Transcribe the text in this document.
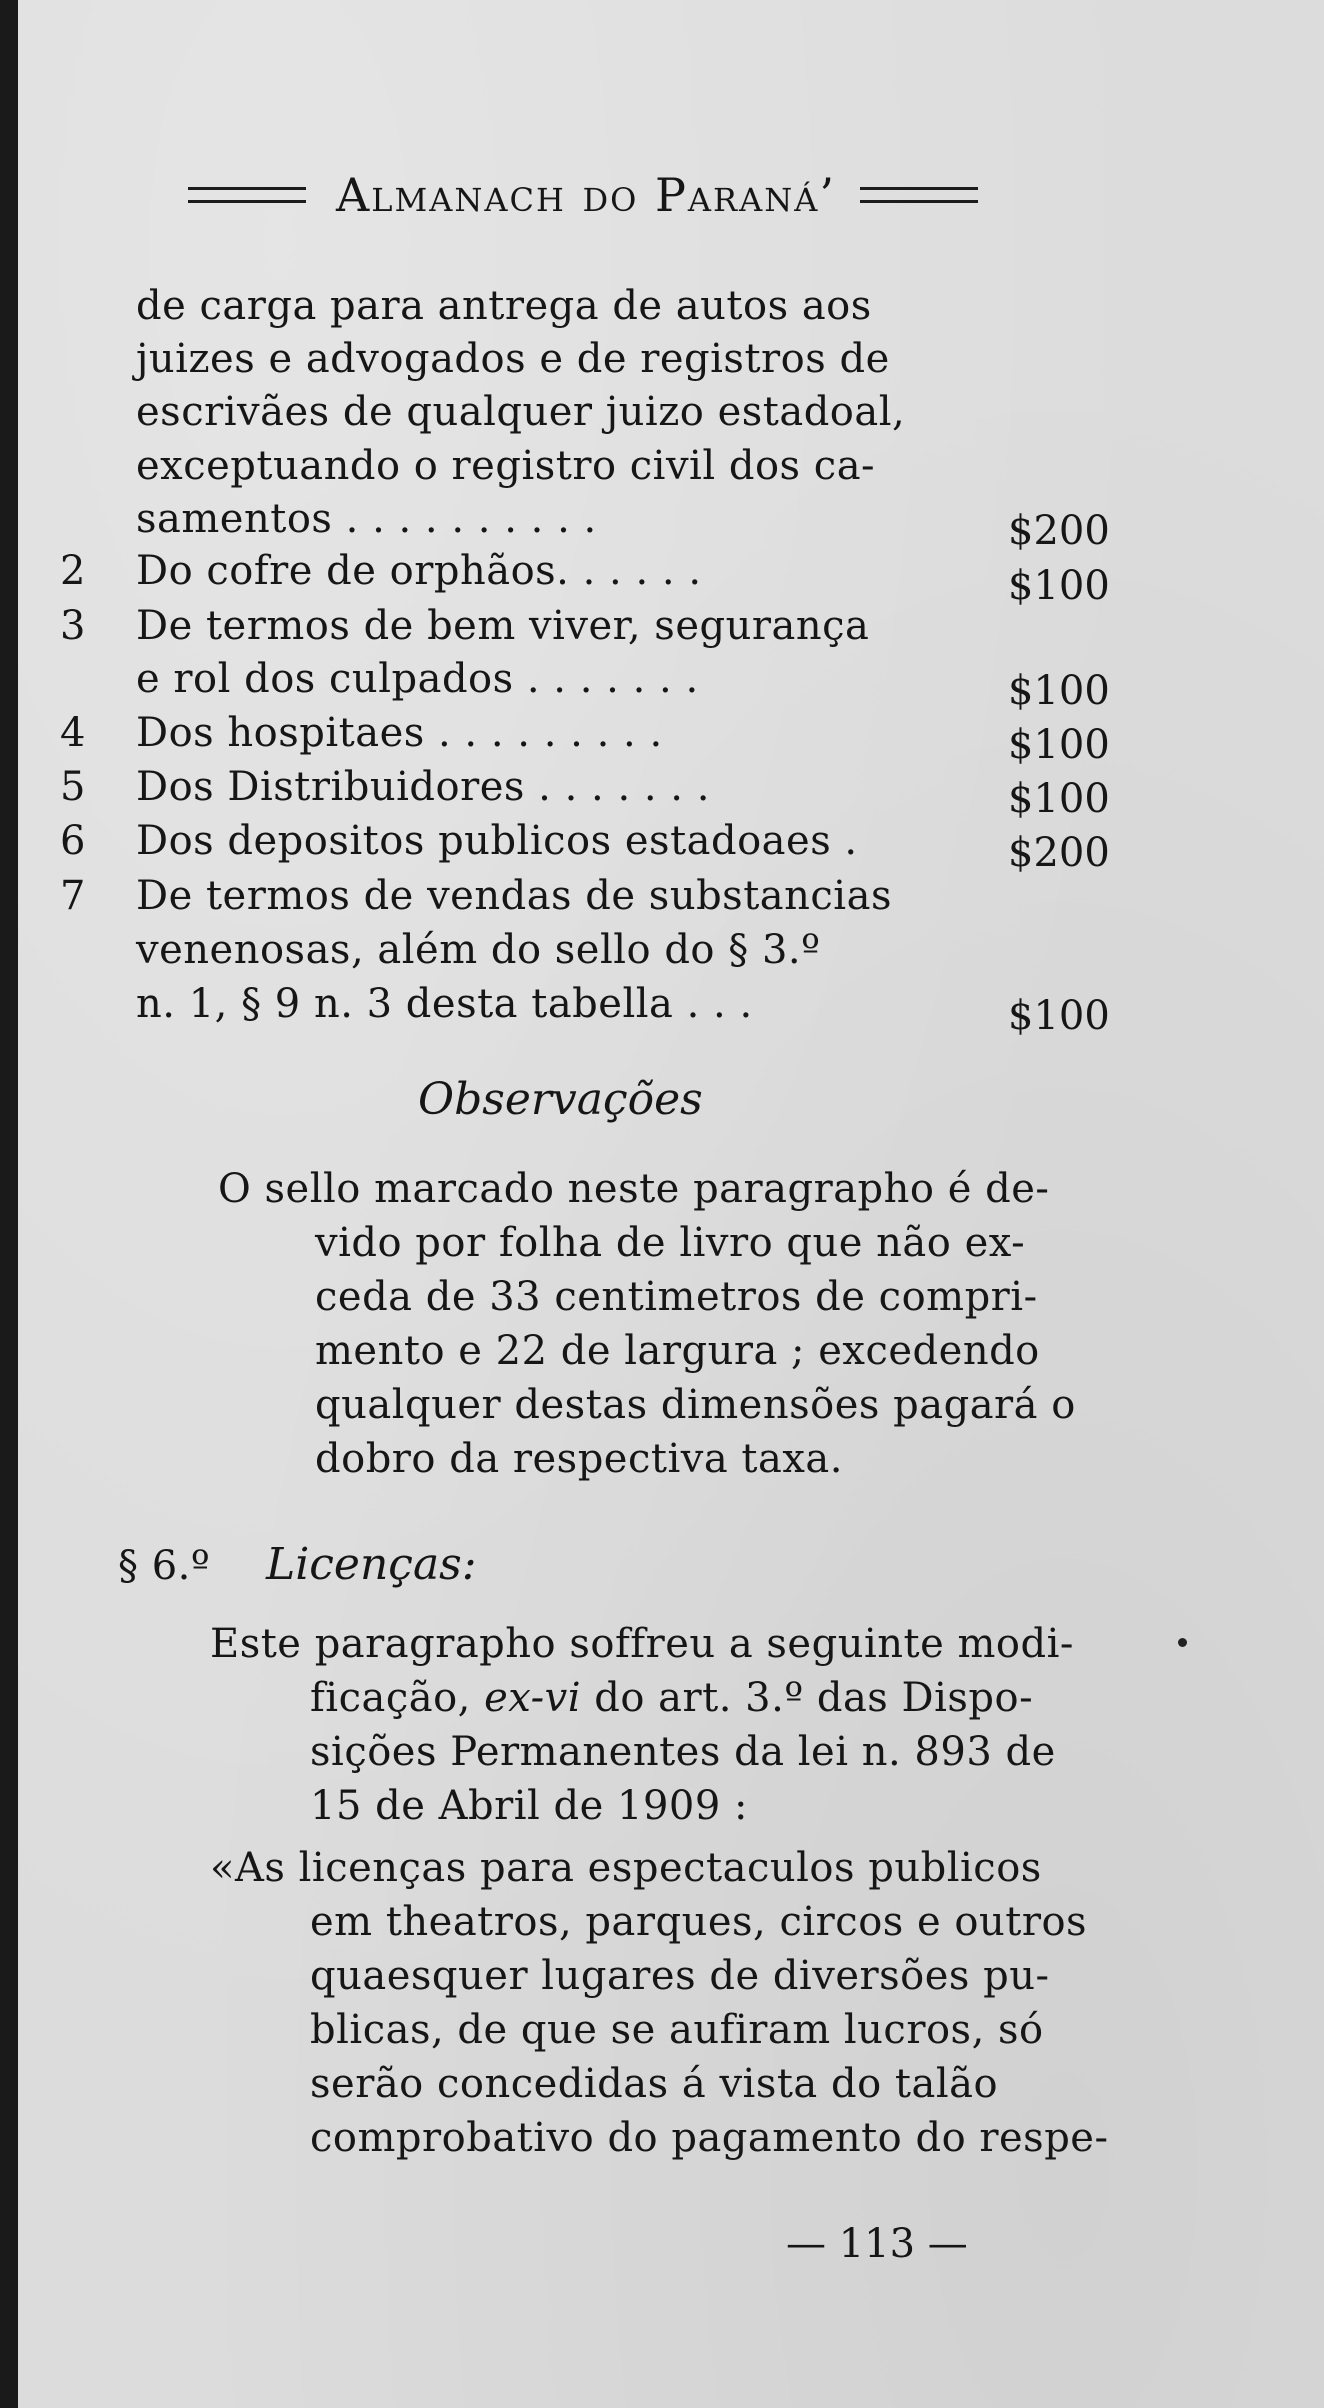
Almanach do Paraná’
de carga para antrega de autos aos
juizes e advogados e de registros de
escrivães de qualquer juizo estadoal,
exceptuando o registro civil dos ca-
samentos . . . . . . . . . .	$200
2 Do cofre de orphãos. . . . . .	$100
3 De termos de bem viver, segurança
e rol dos culpados . . . . . . .	$100
4 Dos hospitaes . . . . . . . . .	$100
5 Dos Distribuidores . . . . . . .	$100
6 Dos depositos publicos estadoaes .	$200
7 De termos de vendas de substancias
venenosas, além do sello do § 3.º
n. 1, § 9 n. 3 desta tabella . . .	$100
Observações
O sello marcado neste paragrapho é de-
vido por folha de livro que não ex-
ceda de 33 centimetros de compri-
mento e 22 de largura ; excedendo
qualquer destas dimensões pagará o
dobro da respectiva taxa.
§ 6.º Licenças:
Este paragrapho soffreu a seguinte modi-
ficação, ex-vi do art. 3.º das Dispo-
sições Permanentes da lei n. 893 de
15 de Abril de 1909 :
«As licenças para espectaculos publicos
em theatros, parques, circos e outros
quaesquer lugares de diversões pu-
blicas, de que se aufiram lucros, só
serão concedidas á vista do talão
comprobativo do pagamento do respe-
— 113 —
